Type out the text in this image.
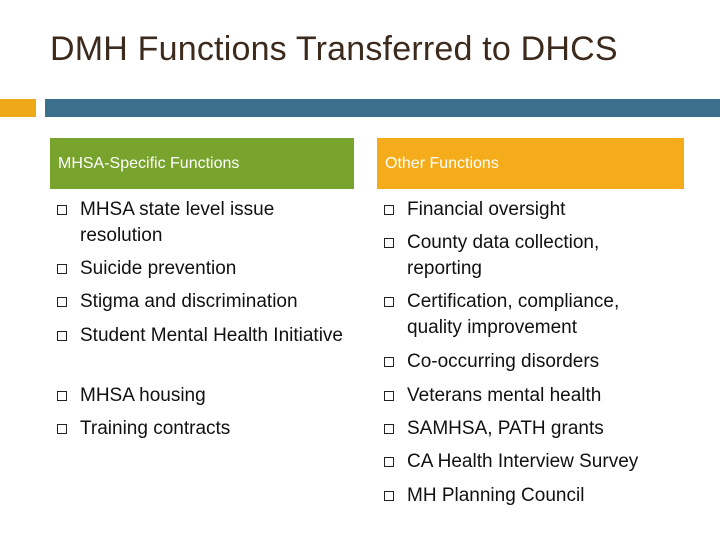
DMH Functions Transferred to DHCS
MHSA-Specific Functions	Other Functions
MHSA state level issue resolution
Suicide prevention
Stigma and discrimination
Student Mental Health Initiative
MHSA housing
Training contracts
Financial oversight
County data collection, reporting
Certification, compliance, quality improvement
Co-occurring disorders
Veterans mental health
SAMHSA, PATH grants
CA Health Interview Survey
MH Planning Council
